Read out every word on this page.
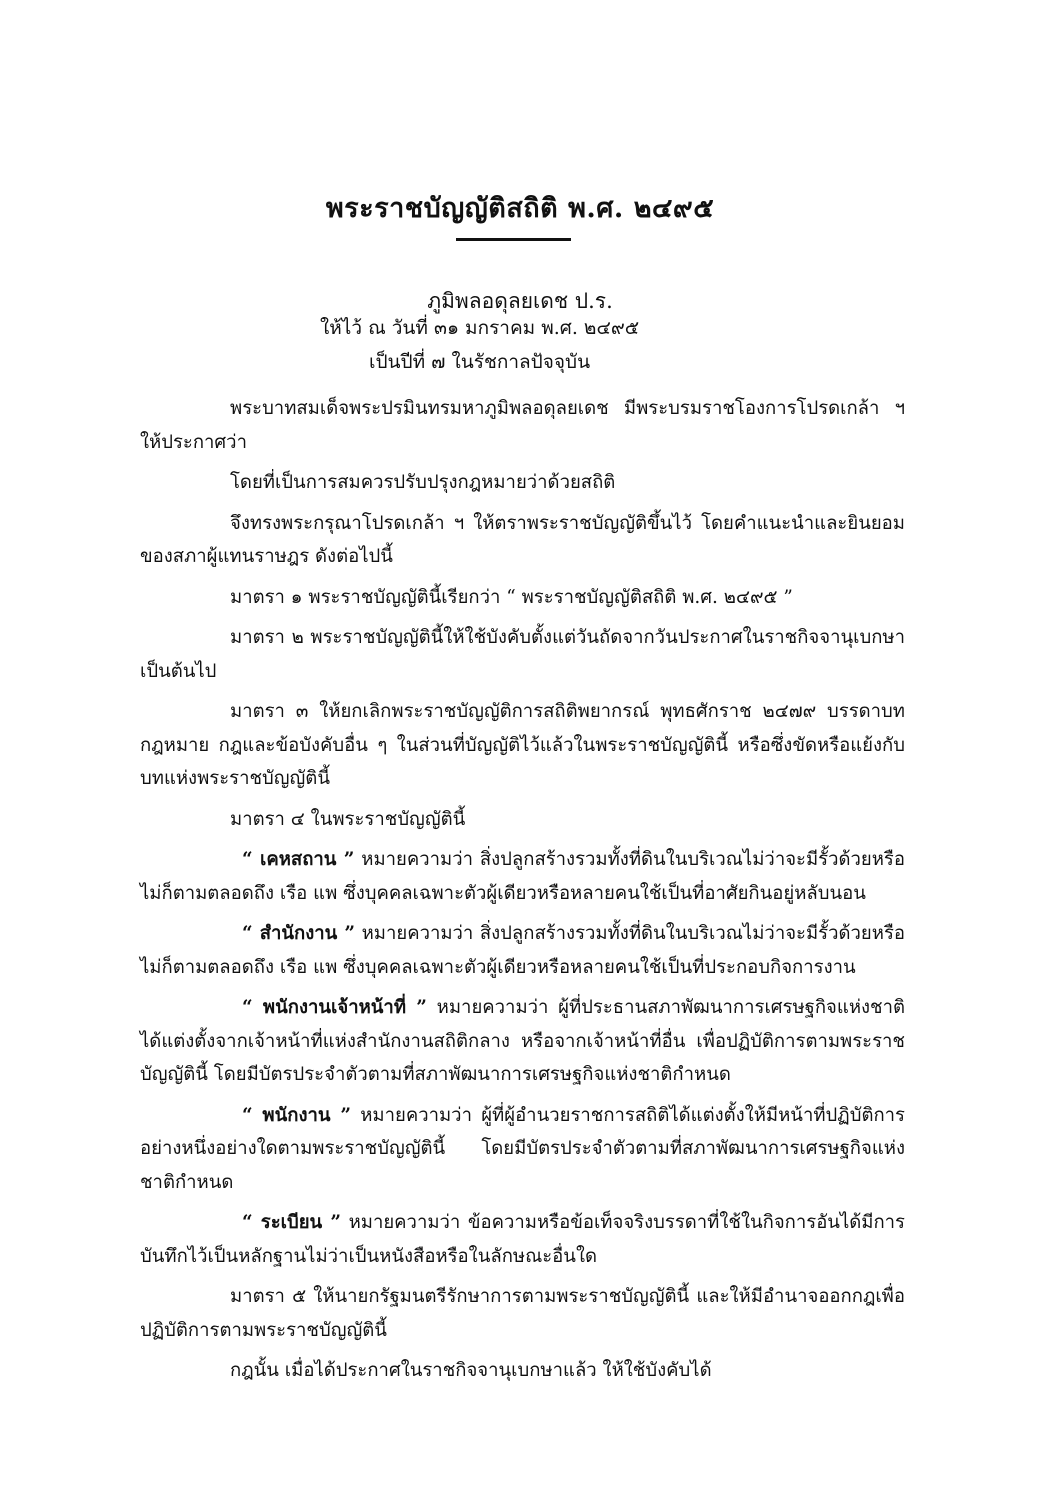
พระราชบัญญัติสถิติ พ.ศ. ๒๔๙๕
ภูมิพลอดุลยเดช ป.ร.
ให้ไว้ ณ วันที่ ๓๑ มกราคม พ.ศ. ๒๔๙๕
เป็นปีที่ ๗ ในรัชกาลปัจจุบัน

พระบาทสมเด็จพระปรมินทรมหาภูมิพลอดุลยเดช มีพระบรมราชโองการโปรดเกล้า ฯ ให้ประกาศว่า

โดยที่เป็นการสมควรปรับปรุงกฎหมายว่าด้วยสถิติ

จึงทรงพระกรุณาโปรดเกล้า ฯ ให้ตราพระราชบัญญัติขึ้นไว้ โดยคำแนะนำและยินยอมของสภาผู้แทนราษฎร ดังต่อไปนี้

มาตรา ๑ พระราชบัญญัตินี้เรียกว่า “ พระราชบัญญัติสถิติ พ.ศ. ๒๔๙๕ ”

มาตรา ๒ พระราชบัญญัตินี้ให้ใช้บังคับตั้งแต่วันถัดจากวันประกาศในราชกิจจานุเบกษาเป็นต้นไป

มาตรา ๓ ให้ยกเลิกพระราชบัญญัติการสถิติพยากรณ์ พุทธศักราช ๒๔๗๙ บรรดาบทกฎหมาย กฎและข้อบังคับอื่น ๆ ในส่วนที่บัญญัติไว้แล้วในพระราชบัญญัตินี้ หรือซึ่งขัดหรือแย้งกับบทแห่งพระราชบัญญัตินี้

มาตรา ๔ ในพระราชบัญญัตินี้

“ เคหสถาน ” หมายความว่า สิ่งปลูกสร้างรวมทั้งที่ดินในบริเวณไม่ว่าจะมีรั้วด้วยหรือไม่ก็ตามตลอดถึง เรือ แพ ซึ่งบุคคลเฉพาะตัวผู้เดียวหรือหลายคนใช้เป็นที่อาศัยกินอยู่หลับนอน

“ สำนักงาน ” หมายความว่า สิ่งปลูกสร้างรวมทั้งที่ดินในบริเวณไม่ว่าจะมีรั้วด้วยหรือไม่ก็ตามตลอดถึง เรือ แพ ซึ่งบุคคลเฉพาะตัวผู้เดียวหรือหลายคนใช้เป็นที่ประกอบกิจการงาน

“ พนักงานเจ้าหน้าที่ ” หมายความว่า ผู้ที่ประธานสภาพัฒนาการเศรษฐกิจแห่งชาติได้แต่งตั้งจากเจ้าหน้าที่แห่งสำนักงานสถิติกลาง หรือจากเจ้าหน้าที่อื่น เพื่อปฏิบัติการตามพระราชบัญญัตินี้ โดยมีบัตรประจำตัวตามที่สภาพัฒนาการเศรษฐกิจแห่งชาติกำหนด

“ พนักงาน ” หมายความว่า ผู้ที่ผู้อำนวยราชการสถิติได้แต่งตั้งให้มีหน้าที่ปฏิบัติการอย่างหนึ่งอย่างใดตามพระราชบัญญัตินี้ โดยมีบัตรประจำตัวตามที่สภาพัฒนาการเศรษฐกิจแห่งชาติกำหนด

“ ระเบียน ” หมายความว่า ข้อความหรือข้อเท็จจริงบรรดาที่ใช้ในกิจการอันได้มีการบันทึกไว้เป็นหลักฐานไม่ว่าเป็นหนังสือหรือในลักษณะอื่นใด

มาตรา ๕ ให้นายกรัฐมนตรีรักษาการตามพระราชบัญญัตินี้ และให้มีอำนาจออกกฎเพื่อปฏิบัติการตามพระราชบัญญัตินี้

กฎนั้น เมื่อได้ประกาศในราชกิจจานุเบกษาแล้ว ให้ใช้บังคับได้
